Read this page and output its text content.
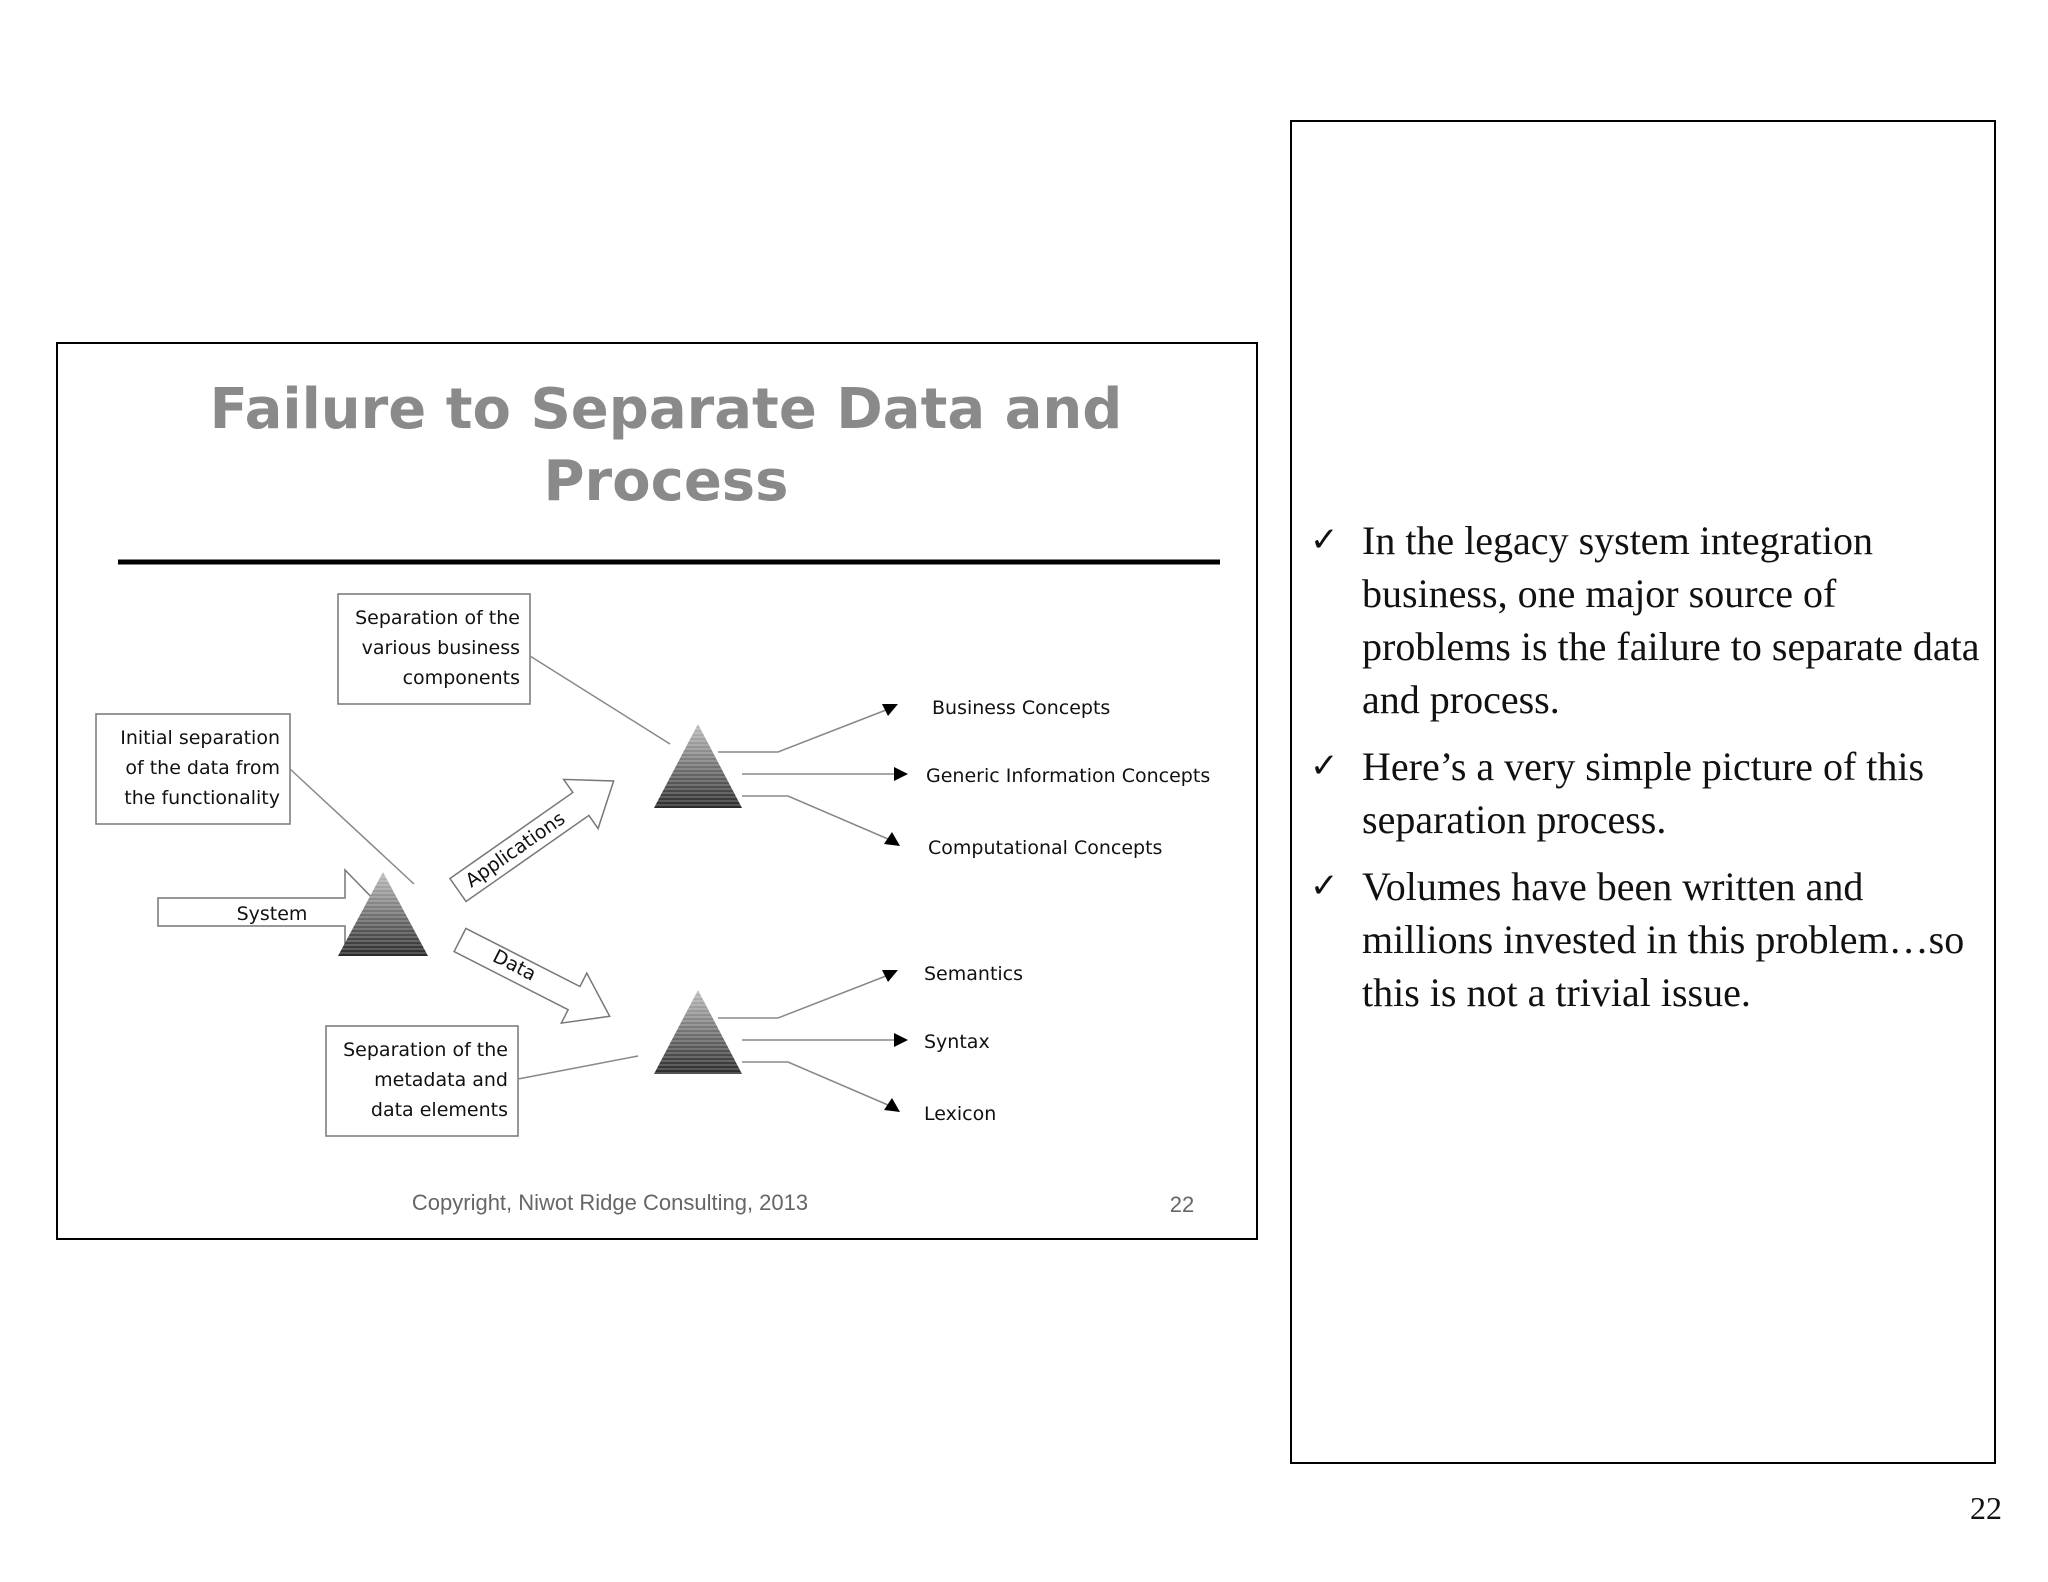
Failure to Separate Data and
Process
Separation of the
various business
components
Initial separation
of the data from
the functionality
Separation of the
metadata and
data elements
System
Applications
Data
Business Concepts
Generic Information Concepts
Computational Concepts
Semantics
Syntax
Lexicon
Copyright, Niwot Ridge Consulting, 2013	22
✓ In the legacy system integration business, one major source of problems is the failure to separate data and process.
✓ Here’s a very simple picture of this separation process.
✓ Volumes have been written and millions invested in this problem…so this is not a trivial issue.
22
